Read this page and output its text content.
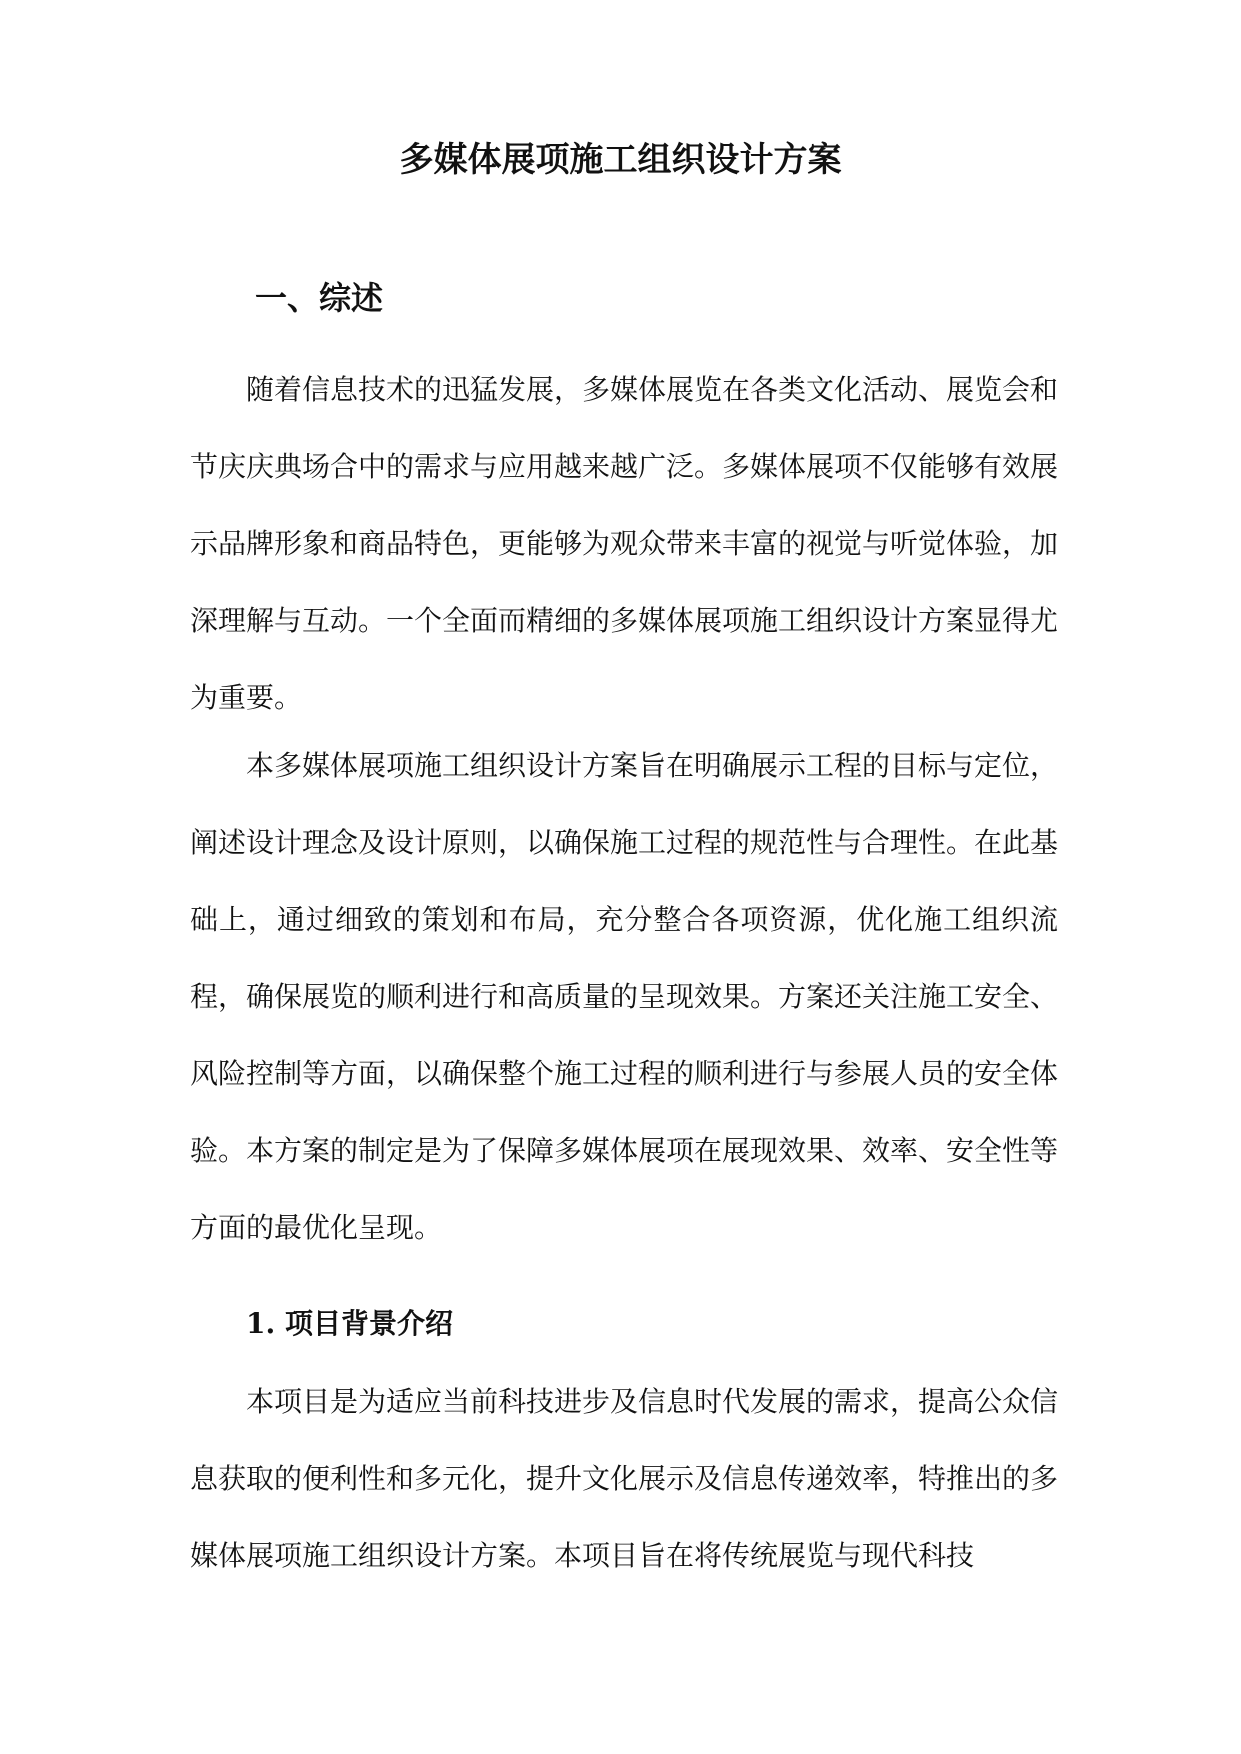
多媒体展项施工组织设计方案
一、综述

随着信息技术的迅猛发展，多媒体展览在各类文化活动、展览会和节庆庆典场合中的需求与应用越来越广泛。多媒体展项不仅能够有效展示品牌形象和商品特色，更能够为观众带来丰富的视觉与听觉体验，加深理解与互动。一个全面而精细的多媒体展项施工组织设计方案显得尤为重要。

本多媒体展项施工组织设计方案旨在明确展示工程的目标与定位，阐述设计理念及设计原则，以确保施工过程的规范性与合理性。在此基础上，通过细致的策划和布局，充分整合各项资源，优化施工组织流程，确保展览的顺利进行和高质量的呈现效果。方案还关注施工安全、风险控制等方面，以确保整个施工过程的顺利进行与参展人员的安全体验。本方案的制定是为了保障多媒体展项在展现效果、效率、安全性等方面的最优化呈现。

1. 项目背景介绍

本项目是为适应当前科技进步及信息时代发展的需求，提高公众信息获取的便利性和多元化，提升文化展示及信息传递效率，特推出的多媒体展项施工组织设计方案。本项目旨在将传统展览与现代科技
